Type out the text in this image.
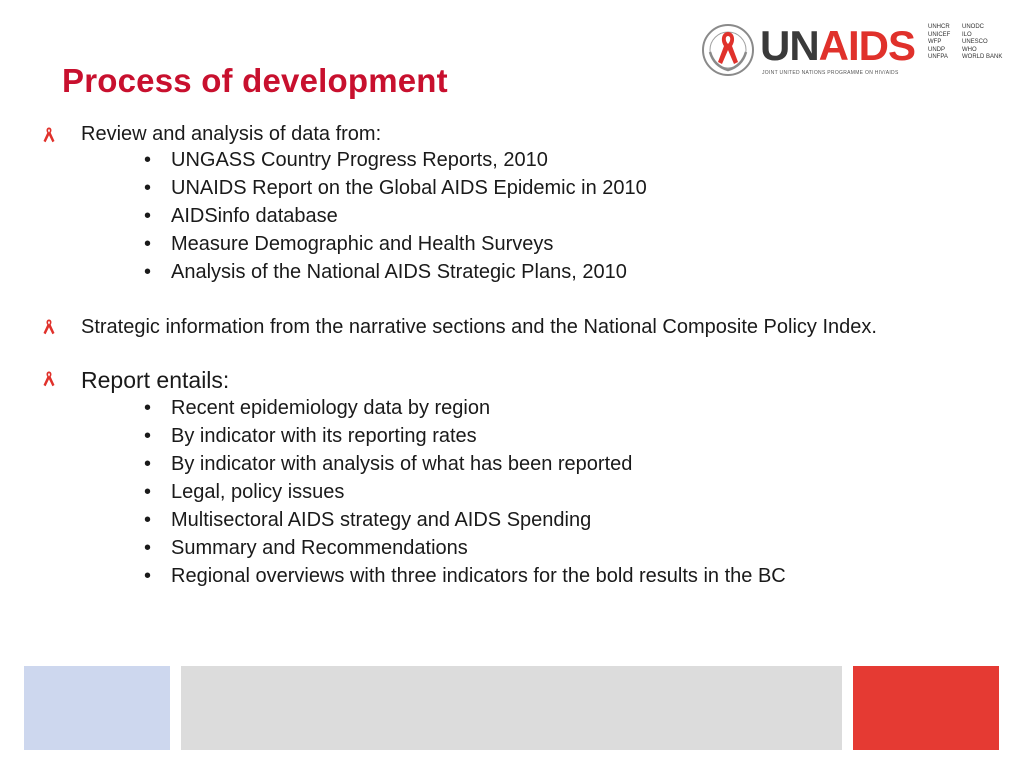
Process of development
UNAIDS
JOINT UNITED NATIONS PROGRAMME ON HIV/AIDS
UNHCR
UNICEF
WFP
UNDP
UNFPA
UNODC
ILO
UNESCO
WHO
WORLD BANK
Review and analysis of data from:
• UNGASS Country Progress Reports, 2010
• UNAIDS Report on the Global AIDS Epidemic in 2010
• AIDSinfo database
• Measure Demographic and Health Surveys
• Analysis of the National AIDS Strategic Plans, 2010
Strategic information from the narrative sections and the National Composite Policy Index.
Report entails:
• Recent epidemiology data by region
• By indicator with its reporting rates
• By indicator with analysis of what has been reported
• Legal, policy issues
• Multisectoral AIDS strategy and AIDS Spending
• Summary and Recommendations
• Regional overviews with three indicators for the bold results in the BC
